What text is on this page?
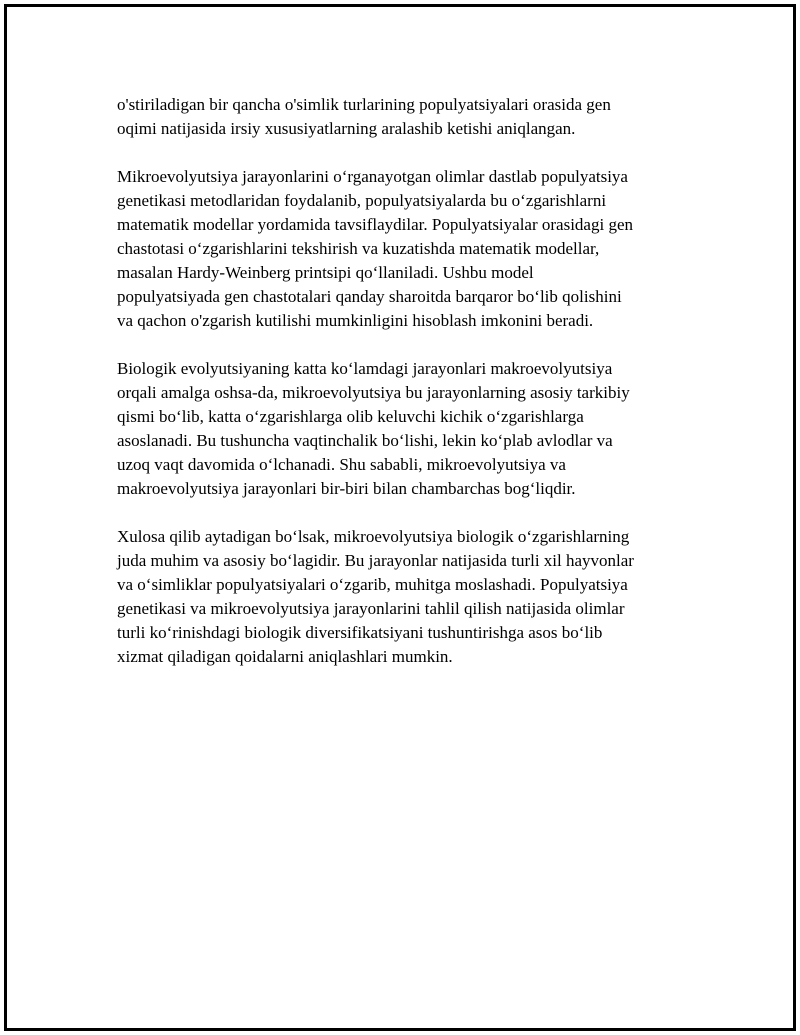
o'stiriladigan bir qancha o'simlik turlarining populyatsiyalari orasida gen
oqimi natijasida irsiy xususiyatlarning aralashib ketishi aniqlangan.

Mikroevolyutsiya jarayonlarini o‘rganayotgan olimlar dastlab populyatsiya
genetikasi metodlaridan foydalanib, populyatsiyalarda bu o‘zgarishlarni
matematik modellar yordamida tavsiflaydilar. Populyatsiyalar orasidagi gen
chastotasi o‘zgarishlarini tekshirish va kuzatishda matematik modellar,
masalan Hardy-Weinberg printsipi qo‘llaniladi. Ushbu model
populyatsiyada gen chastotalari qanday sharoitda barqaror bo‘lib qolishini
va qachon o'zgarish kutilishi mumkinligini hisoblash imkonini beradi.

Biologik evolyutsiyaning katta ko‘lamdagi jarayonlari makroevolyutsiya
orqali amalga oshsa-da, mikroevolyutsiya bu jarayonlarning asosiy tarkibiy
qismi bo‘lib, katta o‘zgarishlarga olib keluvchi kichik o‘zgarishlarga
asoslanadi. Bu tushuncha vaqtinchalik bo‘lishi, lekin ko‘plab avlodlar va
uzoq vaqt davomida o‘lchanadi. Shu sababli, mikroevolyutsiya va
makroevolyutsiya jarayonlari bir-biri bilan chambarchas bog‘liqdir.

Xulosa qilib aytadigan bo‘lsak, mikroevolyutsiya biologik o‘zgarishlarning
juda muhim va asosiy bo‘lagidir. Bu jarayonlar natijasida turli xil hayvonlar
va o‘simliklar populyatsiyalari o‘zgarib, muhitga moslashadi. Populyatsiya
genetikasi va mikroevolyutsiya jarayonlarini tahlil qilish natijasida olimlar
turli ko‘rinishdagi biologik diversifikatsiyani tushuntirishga asos bo‘lib
xizmat qiladigan qoidalarni aniqlashlari mumkin.
